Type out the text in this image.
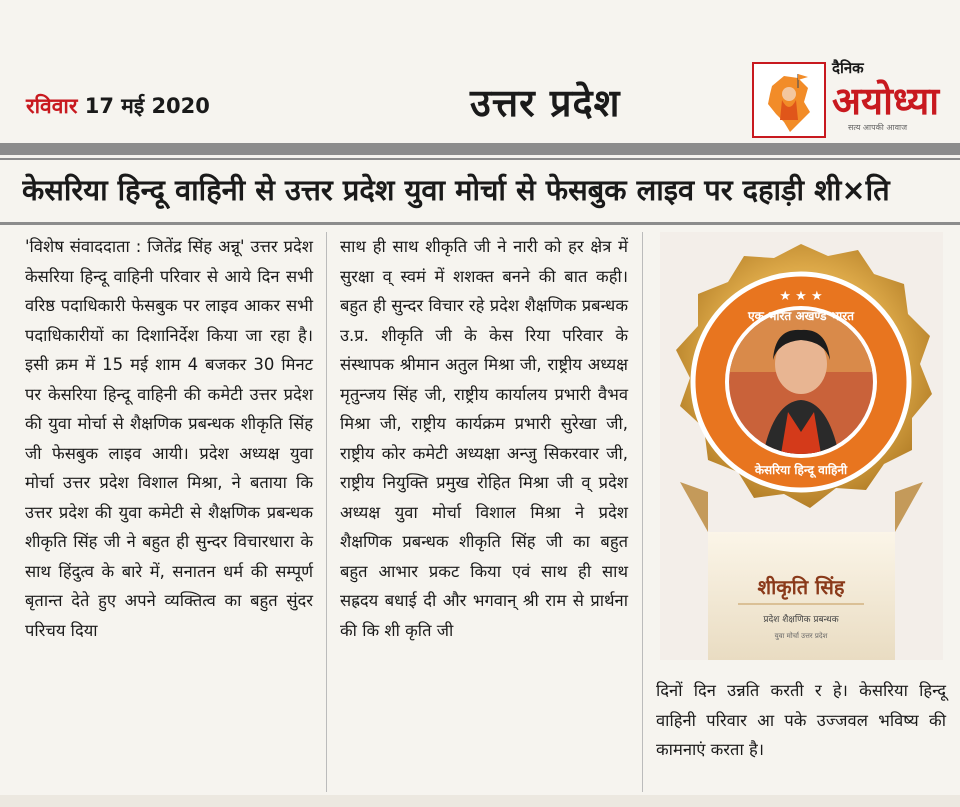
रविवार 17 मई 2020	उत्तर प्रदेश
दैनिक
अयोध्या
सत्य आपकी आवाज
केसरिया हिन्दू वाहिनी से उत्तर प्रदेश युवा मोर्चा से फेसबुक लाइव पर दहाड़ी शी×ति
'विशेष संवाददाता : जितेंद्र सिंह अन्नू' उत्तर प्रदेश केसरिया हिन्दू वाहिनी परिवार से आये दिन सभी वरिष्ठ पदाधिकारी फेसबुक पर लाइव आकर सभी पदाधिकारीयों का दिशानिर्देश किया जा रहा है। इसी क्रम में 15 मई शाम 4 बजकर 30 मिनट पर केसरिया हिन्दू वाहिनी की कमेटी उत्तर प्रदेश की युवा मोर्चा से शैक्षणिक प्रबन्धक शीकृति सिंह जी फेसबुक लाइव आयी। प्रदेश अध्यक्ष युवा मोर्चा उत्तर प्रदेश विशाल मिश्रा, ने बताया कि उत्तर प्रदेश की युवा कमेटी से शैक्षणिक प्रबन्धक शीकृति सिंह जी ने बहुत ही सुन्दर विचारधारा के साथ हिंदुत्व के बारे में, सनातन धर्म की सम्पूर्ण बृतान्त देते हुए अपने व्यक्तित्व का बहुत सुंदर परिचय दिया
साथ ही साथ शीकृति जी ने नारी को हर क्षेत्र में सुरक्षा व् स्वमं में शशक्त बनने की बात कही। बहुत ही सुन्दर विचार रहे प्रदेश शैक्षणिक प्रबन्धक उ.प्र. शीकृति जी के केस रिया परिवार के संस्थापक श्रीमान अतुल मिश्रा जी, राष्ट्रीय अध्यक्ष मृतुन्जय सिंह जी, राष्ट्रीय कार्यालय प्रभारी वैभव मिश्रा जी, राष्ट्रीय कार्यक्रम प्रभारी सुरेखा जी, राष्ट्रीय कोर कमेटी अध्यक्षा अन्जु सिकरवार जी, राष्ट्रीय नियुक्ति प्रमुख रोहित मिश्रा जी व् प्रदेश अध्यक्ष युवा मोर्चा विशाल मिश्रा ने प्रदेश शैक्षणिक प्रबन्धक शीकृति सिंह जी का बहुत बहुत आभार प्रकट किया एवं साथ ही साथ सह्रदय बधाई दी और भगवान् श्री राम से प्रार्थना की कि शी कृति जी
एक भारत अखण्ड भारत
केसरिया हिन्दू वाहिनी
★ ★ ★
शीकृति सिंह
प्रदेश शैक्षणिक प्रबन्धक
युवा मोर्चा उत्तर प्रदेश
दिनों दिन उन्नति करती र हे। केसरिया हिन्दू वाहिनी परिवार आ पके उज्जवल भविष्य की कामनाएं करता है।
